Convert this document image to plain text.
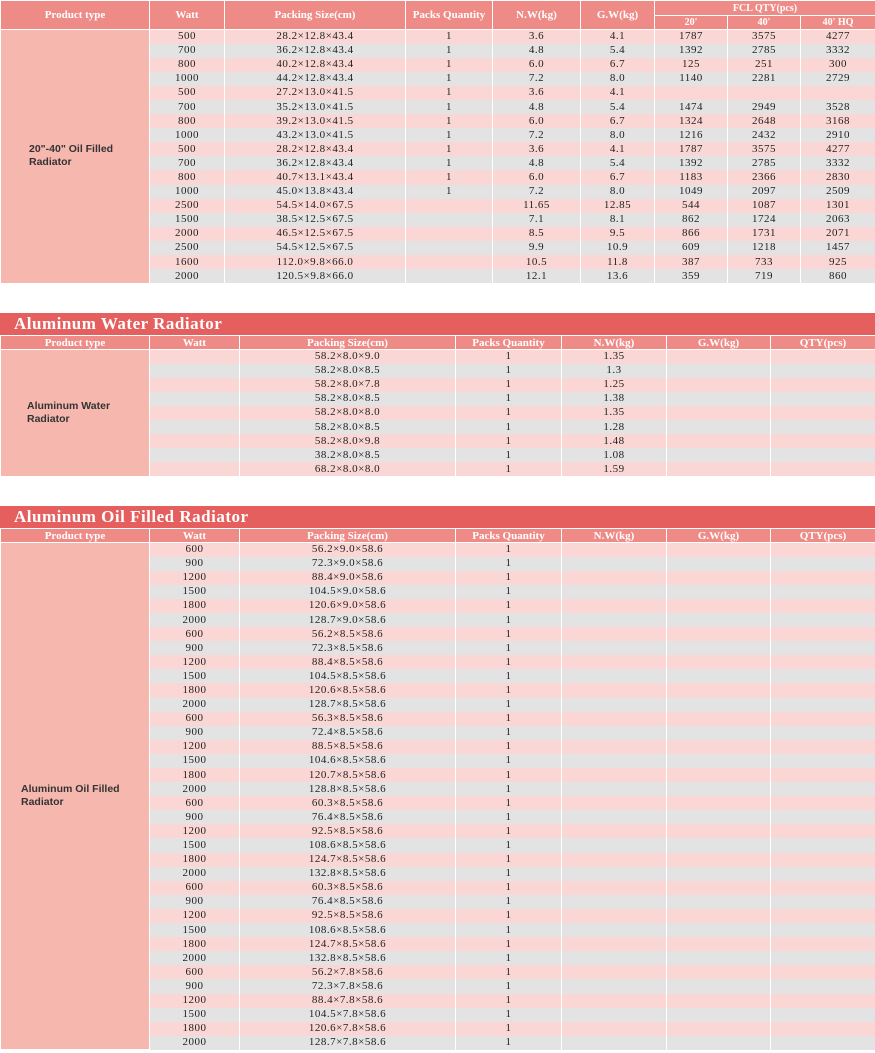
Product type	Watt	Packing Size(cm)	Packs Quantity	N.W(kg)	G.W(kg)	FCL QTY(pcs)		
						20'	40'	40' HQ
20"-40" Oil Filled Radiator	500	28.2×12.8×43.4	1	3.6	4.1	1787	3575	4277
	700	36.2×12.8×43.4	1	4.8	5.4	1392	2785	3332
	800	40.2×12.8×43.4	1	6.0	6.7	125	251	300
	1000	44.2×12.8×43.4	1	7.2	8.0	1140	2281	2729
	500	27.2×13.0×41.5	1	3.6	4.1			
	700	35.2×13.0×41.5	1	4.8	5.4	1474	2949	3528
	800	39.2×13.0×41.5	1	6.0	6.7	1324	2648	3168
	1000	43.2×13.0×41.5	1	7.2	8.0	1216	2432	2910
	500	28.2×12.8×43.4	1	3.6	4.1	1787	3575	4277
	700	36.2×12.8×43.4	1	4.8	5.4	1392	2785	3332
	800	40.7×13.1×43.4	1	6.0	6.7	1183	2366	2830
	1000	45.0×13.8×43.4	1	7.2	8.0	1049	2097	2509
	2500	54.5×14.0×67.5		11.65	12.85	544	1087	1301
	1500	38.5×12.5×67.5		7.1	8.1	862	1724	2063
	2000	46.5×12.5×67.5		8.5	9.5	866	1731	2071
	2500	54.5×12.5×67.5		9.9	10.9	609	1218	1457
	1600	112.0×9.8×66.0		10.5	11.8	387	733	925
	2000	120.5×9.8×66.0		12.1	13.6	359	719	860
Aluminum Water Radiator
Product type	Watt	Packing Size(cm)	Packs Quantity	N.W(kg)	G.W(kg)	QTY(pcs)
Aluminum Water Radiator		58.2×8.0×9.0	1	1.35		
		58.2×8.0×8.5	1	1.3		
		58.2×8.0×7.8	1	1.25		
		58.2×8.0×8.5	1	1.38		
		58.2×8.0×8.0	1	1.35		
		58.2×8.0×8.5	1	1.28		
		58.2×8.0×9.8	1	1.48		
		38.2×8.0×8.5	1	1.08		
		68.2×8.0×8.0	1	1.59		
Aluminum Oil Filled Radiator
Product type	Watt	Packing Size(cm)	Packs Quantity	N.W(kg)	G.W(kg)	QTY(pcs)
Aluminum Oil Filled Radiator	600	56.2×9.0×58.6	1			
	900	72.3×9.0×58.6	1			
	1200	88.4×9.0×58.6	1			
	1500	104.5×9.0×58.6	1			
	1800	120.6×9.0×58.6	1			
	2000	128.7×9.0×58.6	1			
	600	56.2×8.5×58.6	1			
	900	72.3×8.5×58.6	1			
	1200	88.4×8.5×58.6	1			
	1500	104.5×8.5×58.6	1			
	1800	120.6×8.5×58.6	1			
	2000	128.7×8.5×58.6	1			
	600	56.3×8.5×58.6	1			
	900	72.4×8.5×58.6	1			
	1200	88.5×8.5×58.6	1			
	1500	104.6×8.5×58.6	1			
	1800	120.7×8.5×58.6	1			
	2000	128.8×8.5×58.6	1			
	600	60.3×8.5×58.6	1			
	900	76.4×8.5×58.6	1			
	1200	92.5×8.5×58.6	1			
	1500	108.6×8.5×58.6	1			
	1800	124.7×8.5×58.6	1			
	2000	132.8×8.5×58.6	1			
	600	60.3×8.5×58.6	1			
	900	76.4×8.5×58.6	1			
	1200	92.5×8.5×58.6	1			
	1500	108.6×8.5×58.6	1			
	1800	124.7×8.5×58.6	1			
	2000	132.8×8.5×58.6	1			
	600	56.2×7.8×58.6	1			
	900	72.3×7.8×58.6	1			
	1200	88.4×7.8×58.6	1			
	1500	104.5×7.8×58.6	1			
	1800	120.6×7.8×58.6	1			
	2000	128.7×7.8×58.6	1			
